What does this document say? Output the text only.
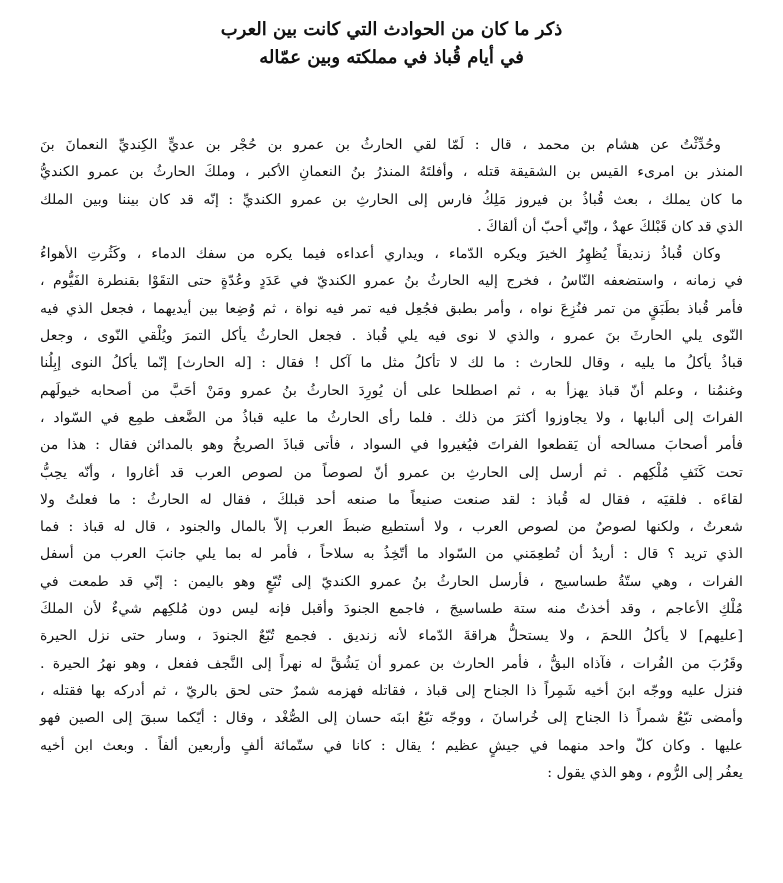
ذكر ما كان من الحوادث التي كانت بين العرب
في أيام قُباذ في مملكته وبين عمّاله

وحُدِّثْتُ عن هشام بن محمد ، قال : لَمّا لقي الحارثُ بن عمرو بن حُجْر بن عديٍّ الكِنديِّ النعمانَ بنَ
المنذر بن امرىء القيس بن الشقيقة قتله ، وأفلتَهُ المنذرُ بنُ النعمانِ الأكبر ، وملكَ الحارثُ بن عمرو الكنديُّ
ما كان يملك ، بعث قُباذُ بن فيروز مَلِكُ فارس إلى الحارثِ بن عمرو الكنديِّ : إنّه قد كان بيننا وبين الملك
الذي قد كان قَبْلكَ عهدٌ ، وإنّي أحبّ أن ألقاكَ .

وكان قُباذُ زنديقاً يُظهِرُ الخيرَ ويكره الدّماء ، ويداري أعداءه فيما يكره من سفك الدماء ، وكَثُرتِ الأهواءُ
في زمانه ، واستضعفه النّاسُ ، فخرج إليه الحارثُ بنُ عمرو الكنديّ في عَدَدٍ وعُدّةٍ حتى التقَوْا بقنطرة الفَيُّوم ،
فأمر قُباذ بطَبَقٍ من تمر فنُزِعَ نواه ، وأمر بطبق فجُعِل فيه تمر فيه نواة ، ثم وُضِعا بين أيديهما ، فجعل الذي فيه
النّوى يلي الحارثَ بنَ عمرو ، والذي لا نوى فيه يلي قُباذ . فجعل الحارثُ يأكل التمرَ ويُلْقي النّوى ، وجعل
قباذُ يأكلُ ما يليه ، وقال للحارث : ما لك لا تأكلُ مثل ما آكل ! فقال : [له الحارث] إنّما يأكلُ النوى إبِلُنا
وغنمُنا ، وعلم أنّ قباذ يهزأ به ، ثم اصطلحا على أن يُورِدَ الحارثُ بنُ عمرو ومَنْ أحَبَّ من أصحابه خيولَهم
الفراتَ إلى ألبابها ، ولا يجاوزوا أكثرَ من ذلك . فلما رأى الحارثُ ما عليه قباذُ من الضَّعف طمِع في السّواد ،
فأمر أصحابَ مسالحه أن يَقطعوا الفراتَ فيُغيروا في السواد ، فأتى قباذَ الصريخُ وهو بالمدائن فقال : هذا من
تحت كَنَفِ مُلْكِهم . ثم أرسل إلى الحارثِ بن عمرو أنّ لصوصاً من لصوص العرب قد أغاروا ، وأنّه يحِبُّ
لقاءَه . فلقيَه ، فقال له قُباذ : لقد صنعت صنيعاً ما صنعه أحد قبلكَ ، فقال له الحارثُ : ما فعلتُ ولا
شعرتُ ، ولكنها لصوصٌ من لصوص العرب ، ولا أستطيع ضبطَ العرب إلاّ بالمال والجنود ، قال له قباذ : فما
الذي تريد ؟ قال : أريدُ أن تُطعِمَني من السّواد ما أتّخِذُ به سلاحاً ، فأمر له بما يلي جانبَ العرب من أسفل
الفرات ، وهي ستّةُ طساسيج ، فأرسل الحارثُ بنُ عمرو الكنديّ إلى تُبّعٍ وهو باليمن : إنّي قد طمعت في
مُلْكِ الأعاجم ، وقد أخذتُ منه ستة طساسيجَ ، فاجمع الجنودَ وأقبل فإنه ليس دون مُلكِهم شيءٌ لأن الملكَ
[عليهم] لا يأكلُ اللحمَ ، ولا يستحلُّ هراقةَ الدّماء لأنه زنديق . فجمع تُبّعٌ الجنودَ ، وسار حتى نزل الحيرة
وقَرُبَ من الفُرات ، فآذاه البقُّ ، فأمر الحارث بن عمرو أن يَشُقَّ له نهراً إلى النَّجف ففعل ، وهو نهرُ الحيرة .
فنزل عليه ووجّه ابنَ أخيه شَمِراً ذا الجناح إلى قباذ ، فقاتله فهزمه شمرٌ حتى لحق بالريّ ، ثم أدركه بها فقتله ،
وأمضى تبّعُ شمراً ذا الجناح إلى خُراسانَ ، ووجّه تبّعُ ابنَه حسان إلى الصُّغْد ، وقال : أيّكما سبقَ إلى الصين فهو
عليها . وكان كلّ واحد منهما في جيشٍ عظيم ؛ يقال : كانا في ستّمائة ألفٍ وأربعين ألفاً . وبعث ابن أخيه
يعفُر إلى الرُّوم ، وهو الذي يقول :
